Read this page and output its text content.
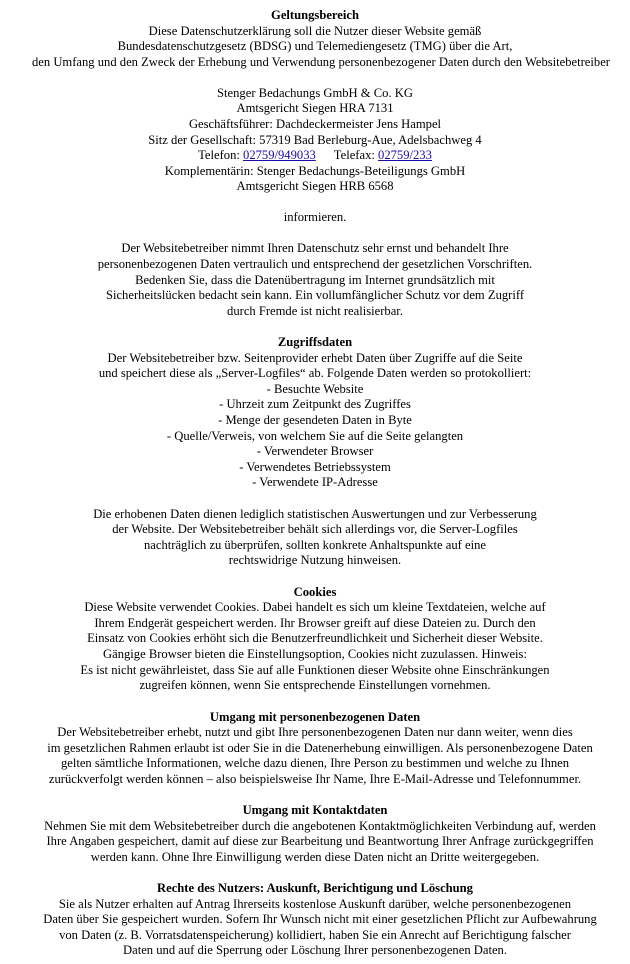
Geltungsbereich
Diese Datenschutzerklärung soll die Nutzer dieser Website gemäß
Bundesdatenschutzgesetz (BDSG) und Telemediengesetz (TMG) über die Art,
den Umfang und den Zweck der Erhebung und Verwendung personenbezogener Daten durch den Websitebetreiber
Stenger Bedachungs GmbH & Co. KG
Amtsgericht Siegen HRA 7131
Geschäftsführer: Dachdeckermeister Jens Hampel
Sitz der Gesellschaft: 57319 Bad Berleburg-Aue, Adelsbachweg 4
Telefon: 02759/949033 Telefax: 02759/233
Komplementärin: Stenger Bedachungs-Beteiligungs GmbH
Amtsgericht Siegen HRB 6568
informieren.
Der Websitebetreiber nimmt Ihren Datenschutz sehr ernst und behandelt Ihre
personenbezogenen Daten vertraulich und entsprechend der gesetzlichen Vorschriften.
Bedenken Sie, dass die Datenübertragung im Internet grundsätzlich mit
Sicherheitslücken bedacht sein kann. Ein vollumfänglicher Schutz vor dem Zugriff
durch Fremde ist nicht realisierbar.
Zugriffsdaten
Der Websitebetreiber bzw. Seitenprovider erhebt Daten über Zugriffe auf die Seite
und speichert diese als „Server-Logfiles“ ab. Folgende Daten werden so protokolliert:
- Besuchte Website
- Uhrzeit zum Zeitpunkt des Zugriffes
- Menge der gesendeten Daten in Byte
- Quelle/Verweis, von welchem Sie auf die Seite gelangten
- Verwendeter Browser
- Verwendetes Betriebssystem
- Verwendete IP-Adresse
Die erhobenen Daten dienen lediglich statistischen Auswertungen und zur Verbesserung
der Website. Der Websitebetreiber behält sich allerdings vor, die Server-Logfiles
nachträglich zu überprüfen, sollten konkrete Anhaltspunkte auf eine
rechtswidrige Nutzung hinweisen.
Cookies
Diese Website verwendet Cookies. Dabei handelt es sich um kleine Textdateien, welche auf
Ihrem Endgerät gespeichert werden. Ihr Browser greift auf diese Dateien zu. Durch den
Einsatz von Cookies erhöht sich die Benutzerfreundlichkeit und Sicherheit dieser Website.
Gängige Browser bieten die Einstellungsoption, Cookies nicht zuzulassen. Hinweis:
Es ist nicht gewährleistet, dass Sie auf alle Funktionen dieser Website ohne Einschränkungen
zugreifen können, wenn Sie entsprechende Einstellungen vornehmen.
Umgang mit personenbezogenen Daten
Der Websitebetreiber erhebt, nutzt und gibt Ihre personenbezogenen Daten nur dann weiter, wenn dies
im gesetzlichen Rahmen erlaubt ist oder Sie in die Datenerhebung einwilligen. Als personenbezogene Daten
gelten sämtliche Informationen, welche dazu dienen, Ihre Person zu bestimmen und welche zu Ihnen
zurückverfolgt werden können – also beispielsweise Ihr Name, Ihre E-Mail-Adresse und Telefonnummer.
Umgang mit Kontaktdaten
Nehmen Sie mit dem Websitebetreiber durch die angebotenen Kontaktmöglichkeiten Verbindung auf, werden
Ihre Angaben gespeichert, damit auf diese zur Bearbeitung und Beantwortung Ihrer Anfrage zurückgegriffen
werden kann. Ohne Ihre Einwilligung werden diese Daten nicht an Dritte weitergegeben.
Rechte des Nutzers: Auskunft, Berichtigung und Löschung
Sie als Nutzer erhalten auf Antrag Ihrerseits kostenlose Auskunft darüber, welche personenbezogenen
Daten über Sie gespeichert wurden. Sofern Ihr Wunsch nicht mit einer gesetzlichen Pflicht zur Aufbewahrung
von Daten (z. B. Vorratsdatenspeicherung) kollidiert, haben Sie ein Anrecht auf Berichtigung falscher
Daten und auf die Sperrung oder Löschung Ihrer personenbezogenen Daten.
